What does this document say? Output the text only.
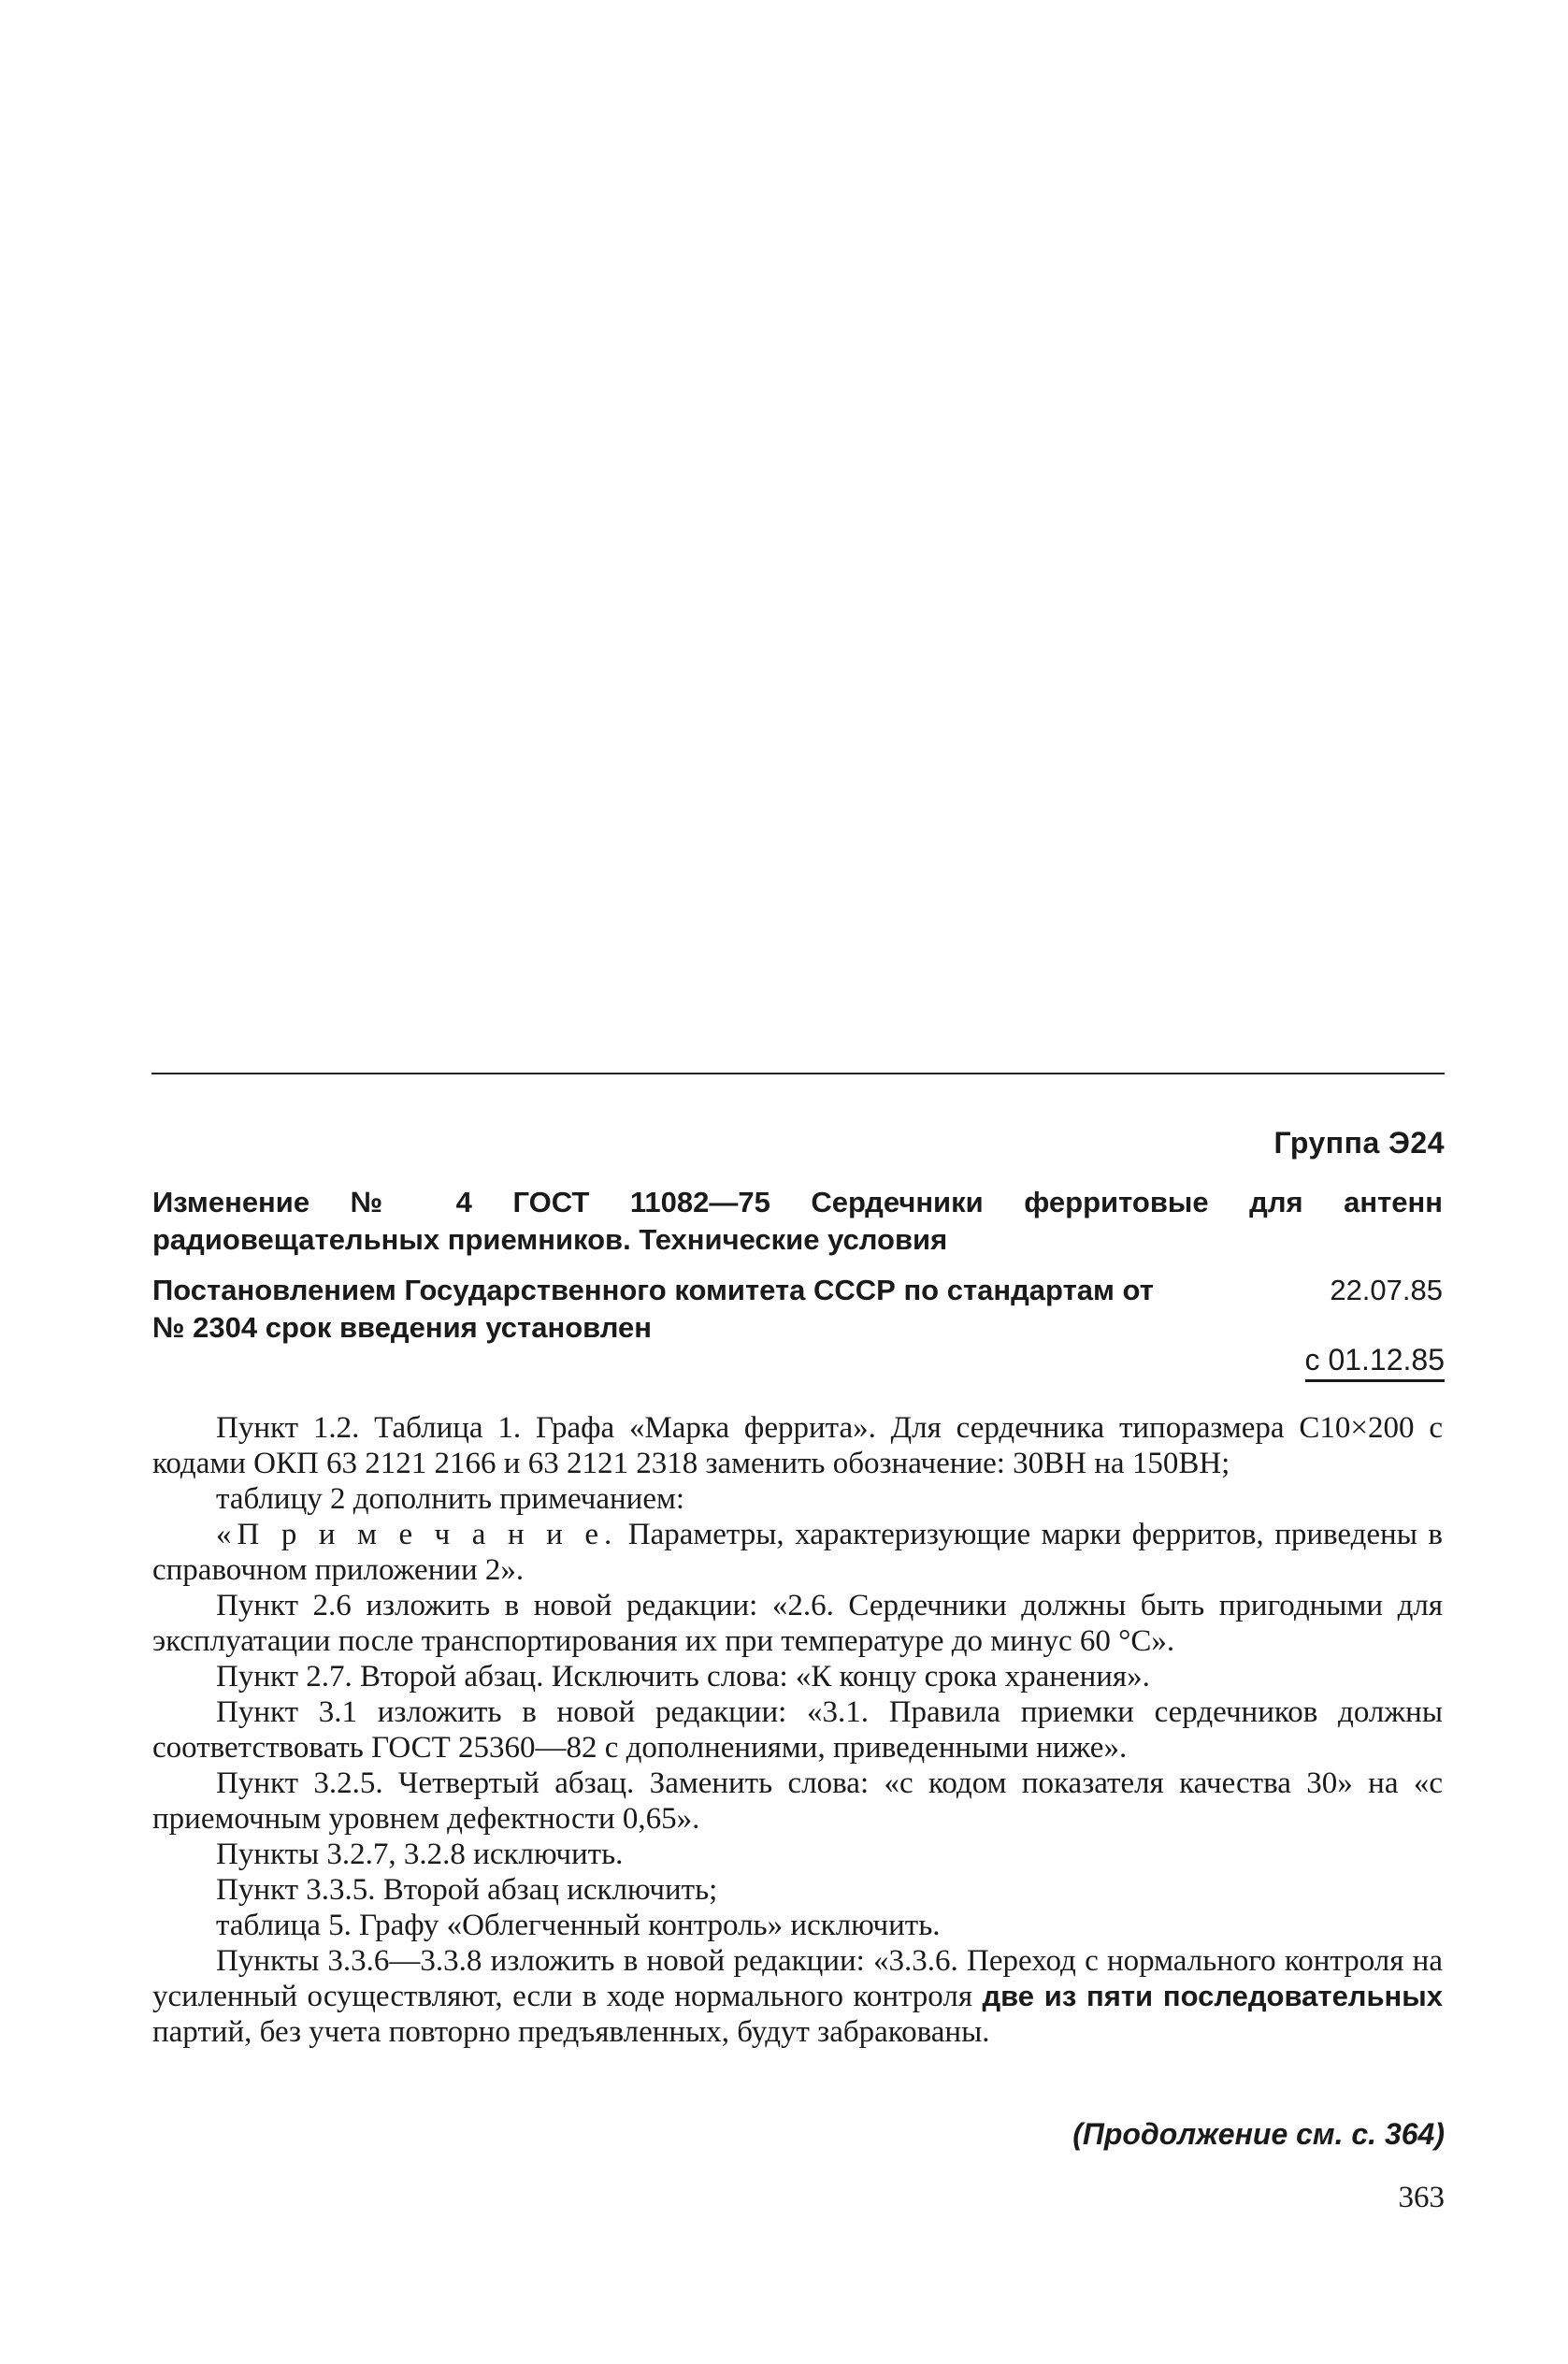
Группа Э24
Изменение № 4 ГОСТ 11082—75 Сердечники ферритовые для антенн радиовещательных приемников. Технические условия
Постановлением Государственного комитета СССР по стандартам от	22.07.85
№ 2304 срок введения установлен
с 01.12.85

Пункт 1.2. Таблица 1. Графа «Марка феррита». Для сердечника типоразмера С10×200 с кодами ОКП 63 2121 2166 и 63 2121 2318 заменить обозначение: 30ВН на 150ВН;

таблицу 2 дополнить примечанием:

«П р и м е ч а н и е. Параметры, характеризующие марки ферритов, приведены в справочном приложении 2».

Пункт 2.6 изложить в новой редакции: «2.6. Сердечники должны быть пригодными для эксплуатации после транспортирования их при температуре до минус 60 °С».

Пункт 2.7. Второй абзац. Исключить слова: «К концу срока хранения».

Пункт 3.1 изложить в новой редакции: «3.1. Правила приемки сердечников должны соответствовать ГОСТ 25360—82 с дополнениями, приведенными ниже».

Пункт 3.2.5. Четвертый абзац. Заменить слова: «с кодом показателя качества 30» на «с приемочным уровнем дефектности 0,65».

Пункты 3.2.7, 3.2.8 исключить.

Пункт 3.3.5. Второй абзац исключить;

таблица 5. Графу «Облегченный контроль» исключить.

Пункты 3.3.6—3.3.8 изложить в новой редакции: «3.3.6. Переход с нормального контроля на усиленный осуществляют, если в ходе нормального контроля две из пяти последовательных партий, без учета повторно предъявленных, будут забракованы.

(Продолжение см. с. 364)
363
